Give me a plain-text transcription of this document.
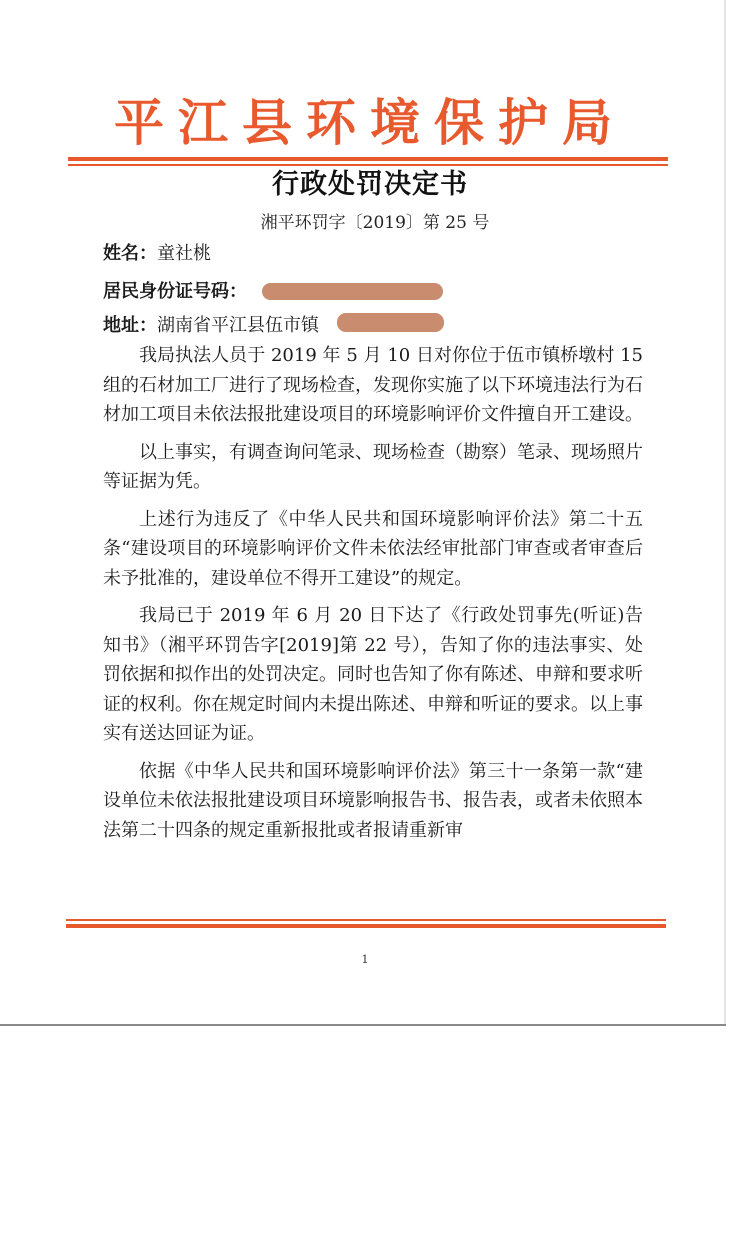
平江县环境保护局
行政处罚决定书
湘平环罚字〔2019〕第 25 号
姓名：童社桃
居民身份证号码：
地址：湖南省平江县伍市镇

我局执法人员于 2019 年 5 月 10 日对你位于伍市镇桥墩村 15 组的石材加工厂进行了现场检查，发现你实施了以下环境违法行为石材加工项目未依法报批建设项目的环境影响评价文件擅自开工建设。

以上事实，有调查询问笔录、现场检查（勘察）笔录、现场照片等证据为凭。

上述行为违反了《中华人民共和国环境影响评价法》第二十五条“建设项目的环境影响评价文件未依法经审批部门审查或者审查后未予批准的，建设单位不得开工建设”的规定。

我局已于 2019 年 6 月 20 日下达了《行政处罚事先(听证)告知书》（湘平环罚告字[2019]第 22 号），告知了你的违法事实、处罚依据和拟作出的处罚决定。同时也告知了你有陈述、申辩和要求听证的权利。你在规定时间内未提出陈述、申辩和听证的要求。以上事实有送达回证为证。

依据《中华人民共和国环境影响评价法》第三十一条第一款“建设单位未依法报批建设项目环境影响报告书、报告表，或者未依照本法第二十四条的规定重新报批或者报请重新审

1
